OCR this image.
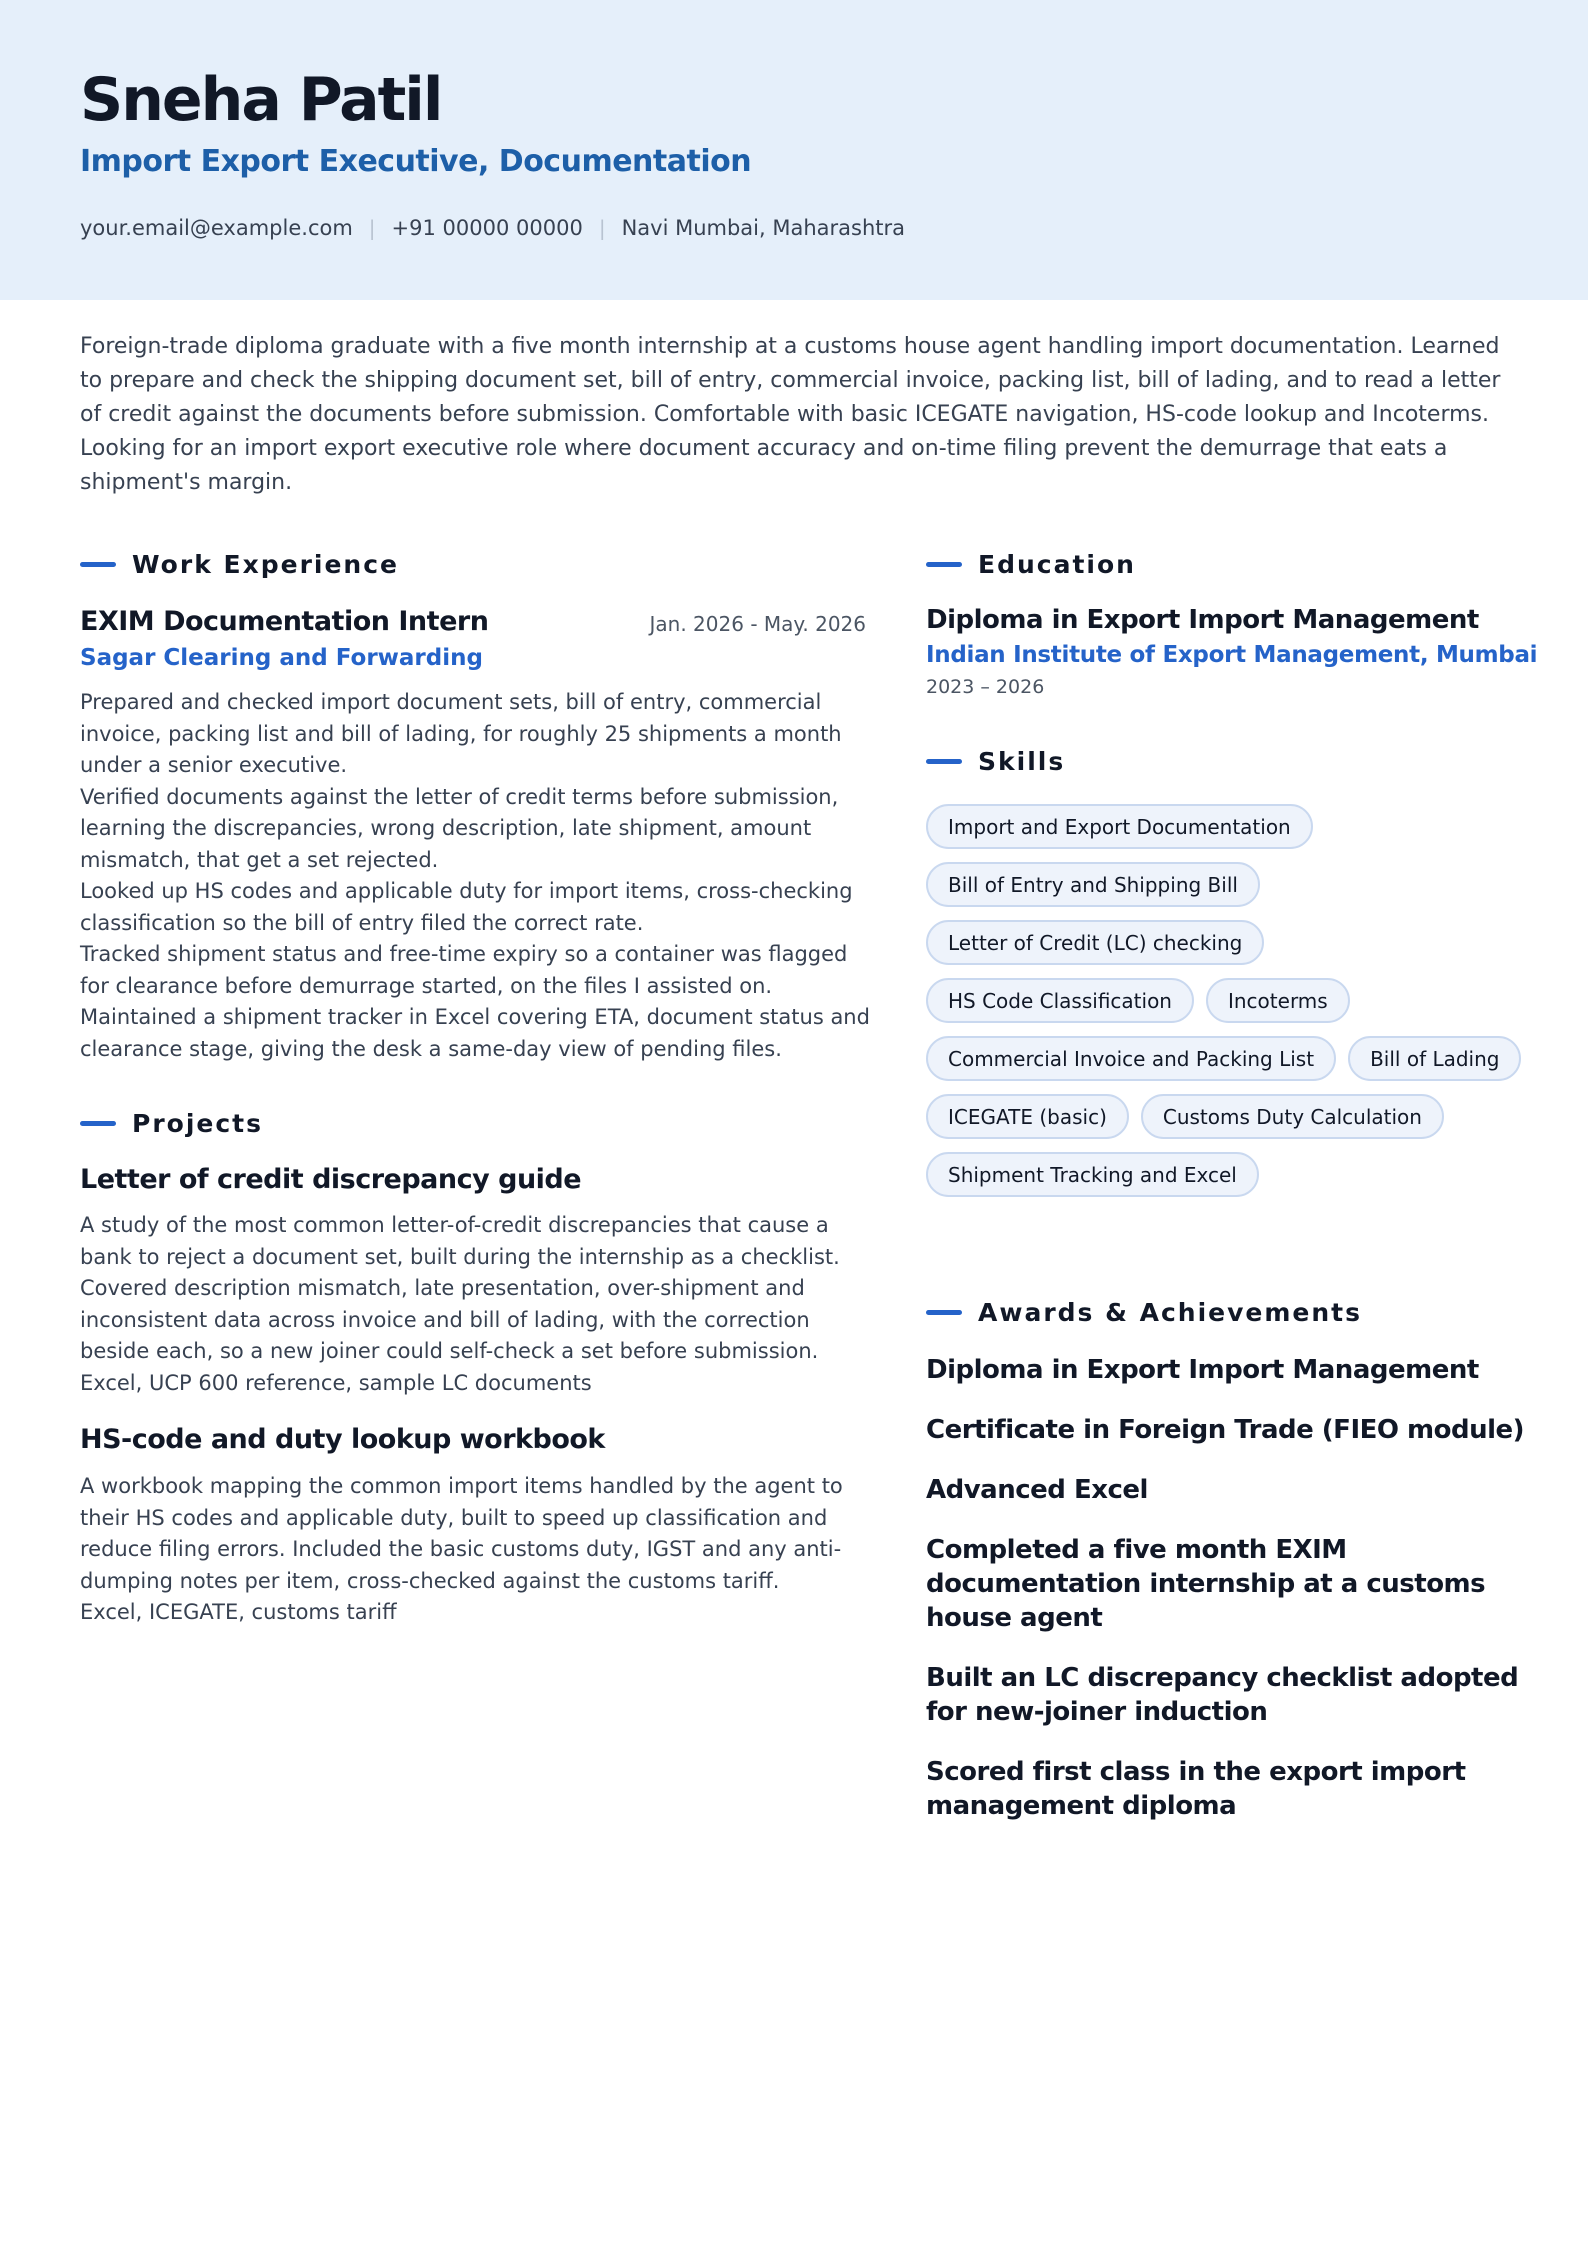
Sneha Patil
Import Export Executive, Documentation
your.email@example.com | +91 00000 00000 | Navi Mumbai, Maharashtra
Foreign-trade diploma graduate with a five month internship at a customs house agent handling import documentation. Learned to prepare and check the shipping document set, bill of entry, commercial invoice, packing list, bill of lading, and to read a letter of credit against the documents before submission. Comfortable with basic ICEGATE navigation, HS-code lookup and Incoterms. Looking for an import export executive role where document accuracy and on-time filing prevent the demurrage that eats a shipment's margin.
Work Experience
EXIM Documentation Intern	Jan. 2026 - May. 2026
Sagar Clearing and Forwarding
Prepared and checked import document sets, bill of entry, commercial invoice, packing list and bill of lading, for roughly 25 shipments a month under a senior executive.
Verified documents against the letter of credit terms before submission, learning the discrepancies, wrong description, late shipment, amount mismatch, that get a set rejected.
Looked up HS codes and applicable duty for import items, cross-checking classification so the bill of entry filed the correct rate.
Tracked shipment status and free-time expiry so a container was flagged for clearance before demurrage started, on the files I assisted on.
Maintained a shipment tracker in Excel covering ETA, document status and clearance stage, giving the desk a same-day view of pending files.
Projects
Letter of credit discrepancy guide
A study of the most common letter-of-credit discrepancies that cause a bank to reject a document set, built during the internship as a checklist. Covered description mismatch, late presentation, over-shipment and inconsistent data across invoice and bill of lading, with the correction beside each, so a new joiner could self-check a set before submission.
Excel, UCP 600 reference, sample LC documents
HS-code and duty lookup workbook
A workbook mapping the common import items handled by the agent to their HS codes and applicable duty, built to speed up classification and reduce filing errors. Included the basic customs duty, IGST and any anti-dumping notes per item, cross-checked against the customs tariff.
Excel, ICEGATE, customs tariff
Education
Diploma in Export Import Management
Indian Institute of Export Management, Mumbai
2023 – 2026
Skills
Import and Export Documentation
Bill of Entry and Shipping Bill
Letter of Credit (LC) checking
HS Code Classification	Incoterms
Commercial Invoice and Packing List	Bill of Lading
ICEGATE (basic)	Customs Duty Calculation
Shipment Tracking and Excel
Awards & Achievements
Diploma in Export Import Management
Certificate in Foreign Trade (FIEO module)
Advanced Excel
Completed a five month EXIM documentation internship at a customs house agent
Built an LC discrepancy checklist adopted for new-joiner induction
Scored first class in the export import management diploma
